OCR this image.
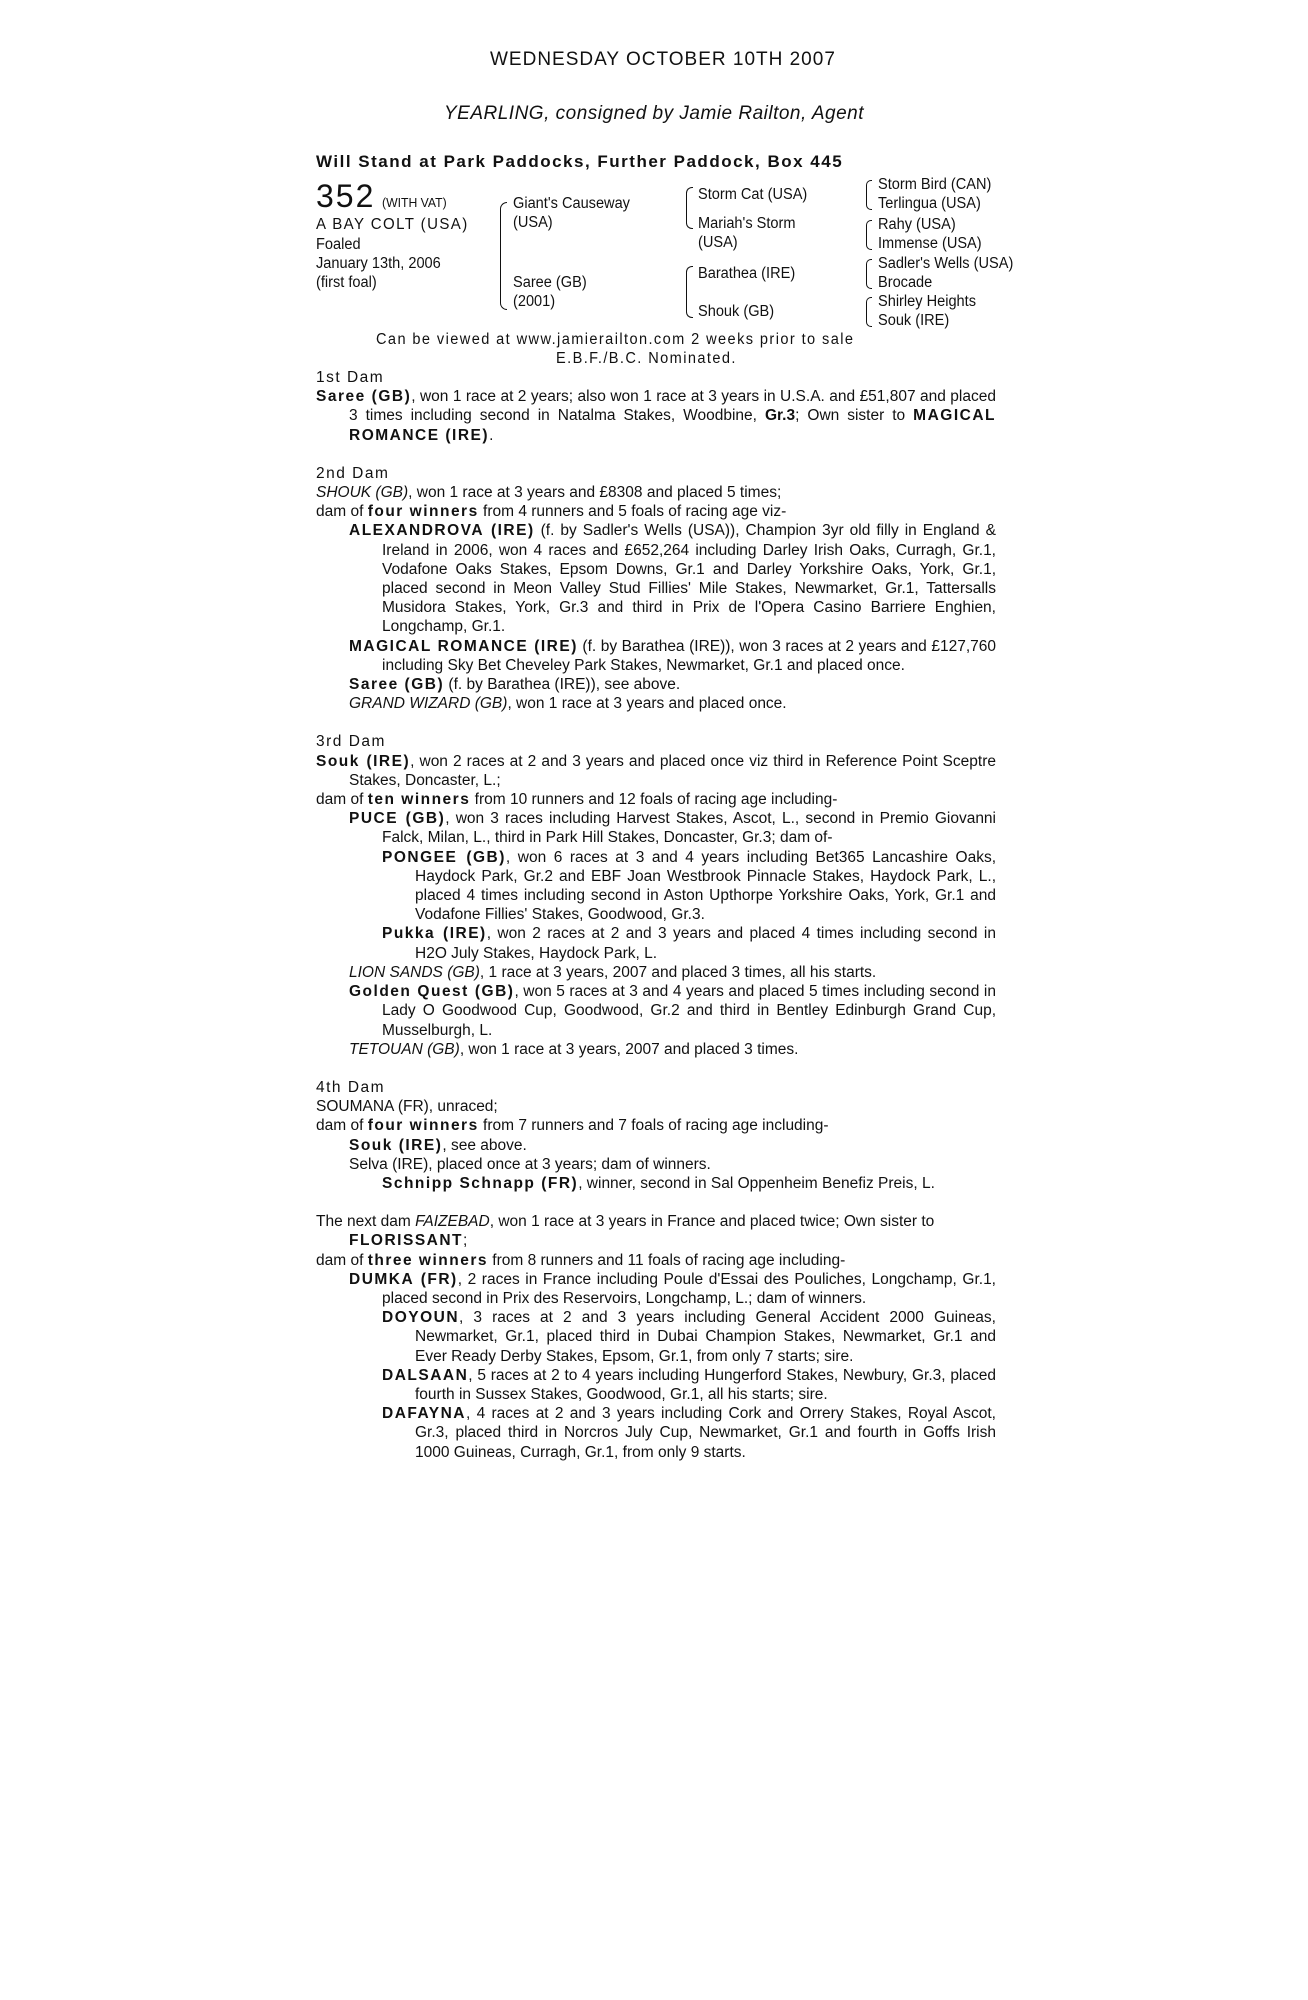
WEDNESDAY OCTOBER 10TH 2007
YEARLING, consigned by Jamie Railton, Agent
Will Stand at Park Paddocks, Further Paddock, Box 445
352 (WITH VAT)
A BAY COLT (USA)
Foaled
January 13th, 2006
(first foal)
Giant's Causeway
(USA)
Saree (GB)
(2001)
Storm Cat (USA)
Mariah's Storm
(USA)
Barathea (IRE)
Shouk (GB)
Storm Bird (CAN)
Terlingua (USA)
Rahy (USA)
Immense (USA)
Sadler's Wells (USA)
Brocade
Shirley Heights
Souk (IRE)
Can be viewed at www.jamierailton.com 2 weeks prior to sale
E.B.F./B.C. Nominated.

1st Dam

Saree (GB), won 1 race at 2 years; also won 1 race at 3 years in U.S.A. and £51,807 and placed 3 times including second in Natalma Stakes, Woodbine, Gr.3; Own sister to MAGICAL ROMANCE (IRE).

2nd Dam

SHOUK (GB), won 1 race at 3 years and £8308 and placed 5 times;

dam of four winners from 4 runners and 5 foals of racing age viz-

ALEXANDROVA (IRE) (f. by Sadler's Wells (USA)), Champion 3yr old filly in England & Ireland in 2006, won 4 races and £652,264 including Darley Irish Oaks, Curragh, Gr.1, Vodafone Oaks Stakes, Epsom Downs, Gr.1 and Darley Yorkshire Oaks, York, Gr.1, placed second in Meon Valley Stud Fillies' Mile Stakes, Newmarket, Gr.1, Tattersalls Musidora Stakes, York, Gr.3 and third in Prix de l'Opera Casino Barriere Enghien, Longchamp, Gr.1.

MAGICAL ROMANCE (IRE) (f. by Barathea (IRE)), won 3 races at 2 years and £127,760 including Sky Bet Cheveley Park Stakes, Newmarket, Gr.1 and placed once.

Saree (GB) (f. by Barathea (IRE)), see above.

GRAND WIZARD (GB), won 1 race at 3 years and placed once.

3rd Dam

Souk (IRE), won 2 races at 2 and 3 years and placed once viz third in Reference Point Sceptre Stakes, Doncaster, L.;

dam of ten winners from 10 runners and 12 foals of racing age including-

PUCE (GB), won 3 races including Harvest Stakes, Ascot, L., second in Premio Giovanni Falck, Milan, L., third in Park Hill Stakes, Doncaster, Gr.3; dam of-

PONGEE (GB), won 6 races at 3 and 4 years including Bet365 Lancashire Oaks, Haydock Park, Gr.2 and EBF Joan Westbrook Pinnacle Stakes, Haydock Park, L., placed 4 times including second in Aston Upthorpe Yorkshire Oaks, York, Gr.1 and Vodafone Fillies' Stakes, Goodwood, Gr.3.

Pukka (IRE), won 2 races at 2 and 3 years and placed 4 times including second in H2O July Stakes, Haydock Park, L.

LION SANDS (GB), 1 race at 3 years, 2007 and placed 3 times, all his starts.

Golden Quest (GB), won 5 races at 3 and 4 years and placed 5 times including second in Lady O Goodwood Cup, Goodwood, Gr.2 and third in Bentley Edinburgh Grand Cup, Musselburgh, L.

TETOUAN (GB), won 1 race at 3 years, 2007 and placed 3 times.

4th Dam

SOUMANA (FR), unraced;

dam of four winners from 7 runners and 7 foals of racing age including-

Souk (IRE), see above.

Selva (IRE), placed once at 3 years; dam of winners.

Schnipp Schnapp (FR), winner, second in Sal Oppenheim Benefiz Preis, L.

The next dam FAIZEBAD, won 1 race at 3 years in France and placed twice; Own sister to FLORISSANT;

dam of three winners from 8 runners and 11 foals of racing age including-

DUMKA (FR), 2 races in France including Poule d'Essai des Pouliches, Longchamp, Gr.1, placed second in Prix des Reservoirs, Longchamp, L.; dam of winners.

DOYOUN, 3 races at 2 and 3 years including General Accident 2000 Guineas, Newmarket, Gr.1, placed third in Dubai Champion Stakes, Newmarket, Gr.1 and Ever Ready Derby Stakes, Epsom, Gr.1, from only 7 starts; sire.

DALSAAN, 5 races at 2 to 4 years including Hungerford Stakes, Newbury, Gr.3, placed fourth in Sussex Stakes, Goodwood, Gr.1, all his starts; sire.

DAFAYNA, 4 races at 2 and 3 years including Cork and Orrery Stakes, Royal Ascot, Gr.3, placed third in Norcros July Cup, Newmarket, Gr.1 and fourth in Goffs Irish 1000 Guineas, Curragh, Gr.1, from only 9 starts.
